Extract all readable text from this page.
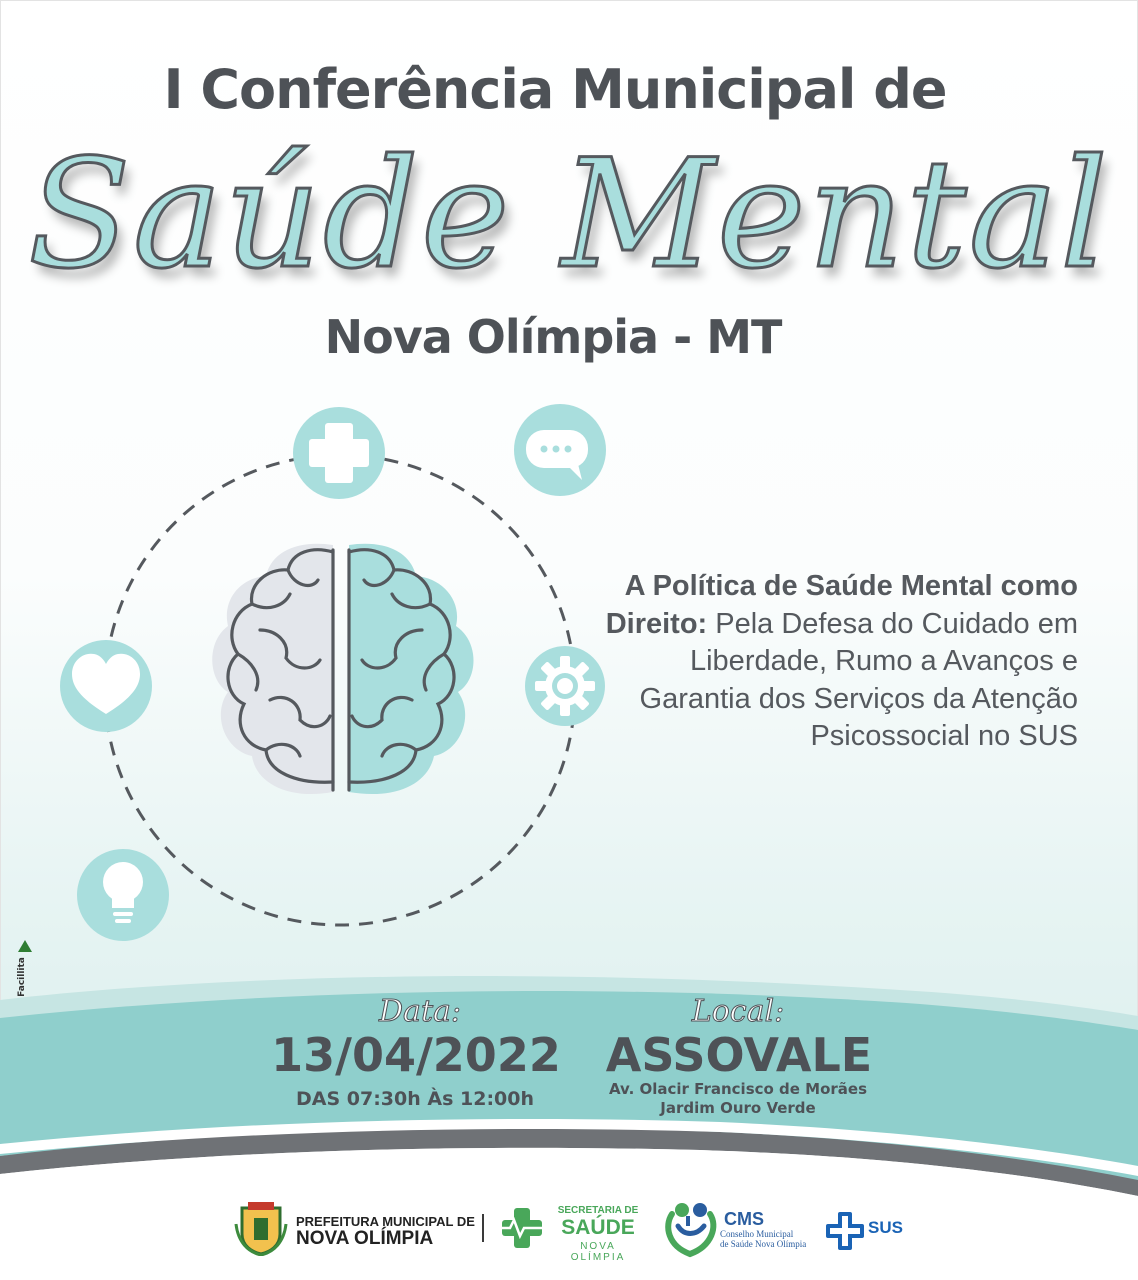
I Conferência Municipal de
Saúde Mental
Nova Olímpia - MT
A Política de Saúde Mental como Direito: Pela Defesa do Cuidado em Liberdade, Rumo a Avanços e Garantia dos Serviços da Atenção Psicossocial no SUS
Facillita
Data:
13/04/2022
DAS 07:30h Às 12:00h
Local:
ASSOVALE
Av. Olacir Francisco de Morães
Jardim Ouro Verde
PREFEITURA MUNICIPAL DE
NOVA OLÍMPIA
SECRETARIA DE
SAÚDE
NOVA OLÍMPIA
CMS
Conselho Municipal
de Saúde Nova Olímpia
SUS
